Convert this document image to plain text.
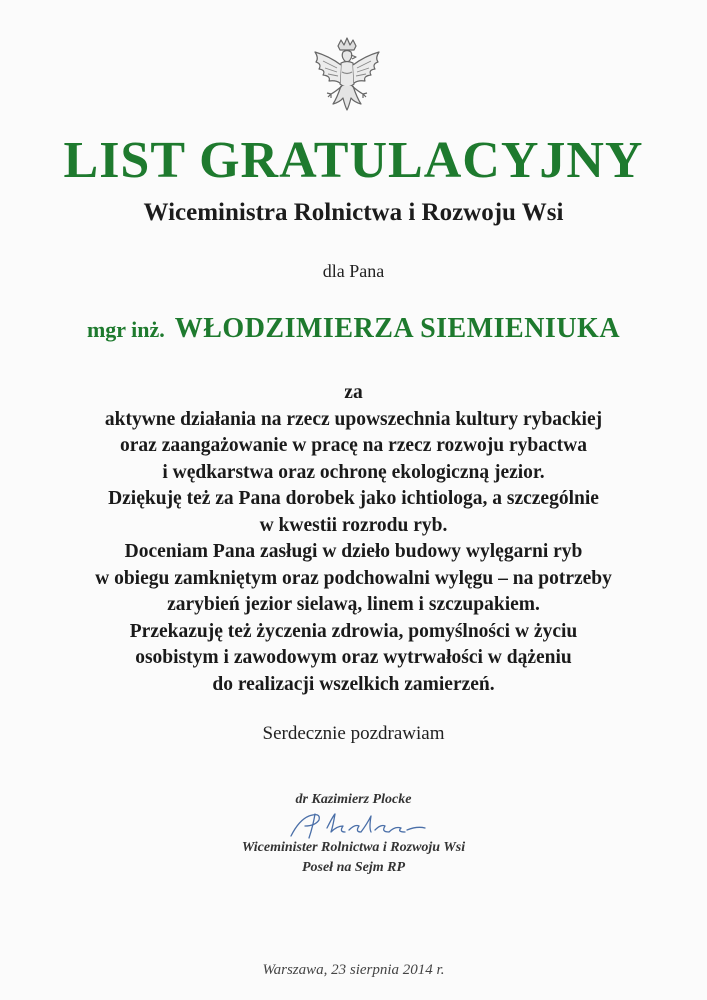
LIST GRATULACYJNY
Wiceministra Rolnictwa i Rozwoju Wsi
dla Pana
mgr inż. WŁODZIMIERZA SIEMIENIUKA
za
aktywne działania na rzecz upowszechnia kultury rybackiej
oraz zaangażowanie w pracę na rzecz rozwoju rybactwa
i wędkarstwa oraz ochronę ekologiczną jezior.
Dziękuję też za Pana dorobek jako ichtiologa, a szczególnie
w kwestii rozrodu ryb.
Doceniam Pana zasługi w dzieło budowy wylęgarni ryb
w obiegu zamkniętym oraz podchowalni wylęgu – na potrzeby
zarybień jezior sielawą, linem i szczupakiem.
Przekazuję też życzenia zdrowia, pomyślności w życiu
osobistym i zawodowym oraz wytrwałości w dążeniu
do realizacji wszelkich zamierzeń.
Serdecznie pozdrawiam
dr Kazimierz Plocke
Wiceminister Rolnictwa i Rozwoju Wsi
Poseł na Sejm RP
Warszawa, 23 sierpnia 2014 r.
